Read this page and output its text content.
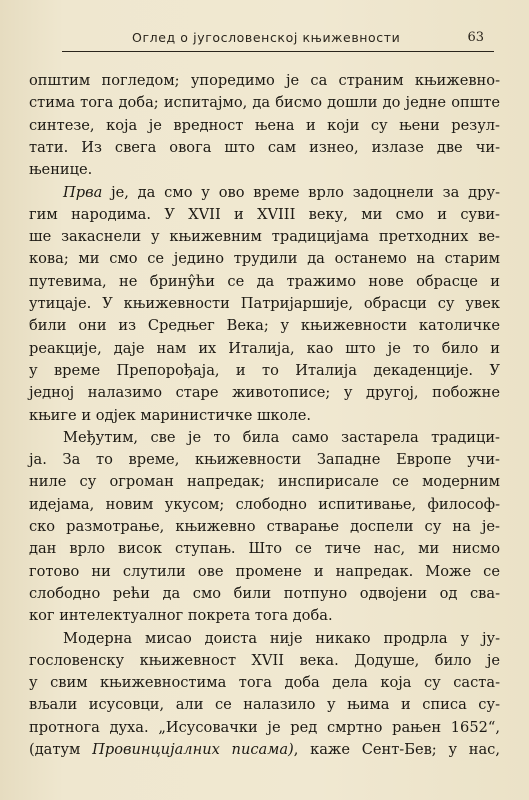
Оглед о југословенској књижевности	63
општим погледом; упоредимо је са страним књижевно-
стима тога доба; испитајмо, да бисмо дошли до једне опште
синтезе, која је вредност њена и који су њени резул-
тати. Из свега овога што сам изнео, излазе две чи-
њенице.
Прва је, да смо у ово време врло задоцнели за дру-
гим народима. У XVII и XVIII веку, ми смо и суви-
ше закаснели у књижевним традицијама претходних ве-
кова; ми смо се једино трудили да останемо на старим
путевима, не брину̂ћи се да тражимо нове обрасце и
утицаје. У књижевности Патријаршије, обрасци су увек
били они из Средњег Века; у књижевности католичке
реакције, даје нам их Италија, као што је то било и
у време Препорођаја, и то Италија декаденције. У
једној налазимо старе животописе; у другој, побожне
књиге и одјек маринистичке школе.
Међутим, све је то била само застарела традици-
ја. За то време, књижевности Западне Европе учи-
ниле су огроман напредак; инспирисале се модерним
идејама, новим укусом; слободно испитивање, философ-
ско размотрање, књижевно стварање доспели су на је-
дан врло висок ступањ. Што се тиче нас, ми нисмо
готово ни слутили ове промене и напредак. Може се
слободно рећи да смо били потпуно одвојени од сва-
ког интелектуалног покрета тога доба.
Модерна мисао доиста није никако продрла у ју-
гословенску књижевност XVII века. Додуше, било је
у свим књижевностима тога доба дела која су саста-
вљали исусовци, али се налазило у њима и списа су-
протнога духа. „Исусовачки је ред смртно рањен 1652“,
(датум Провинцијалних писама), каже Сент-Бев; у нас,
